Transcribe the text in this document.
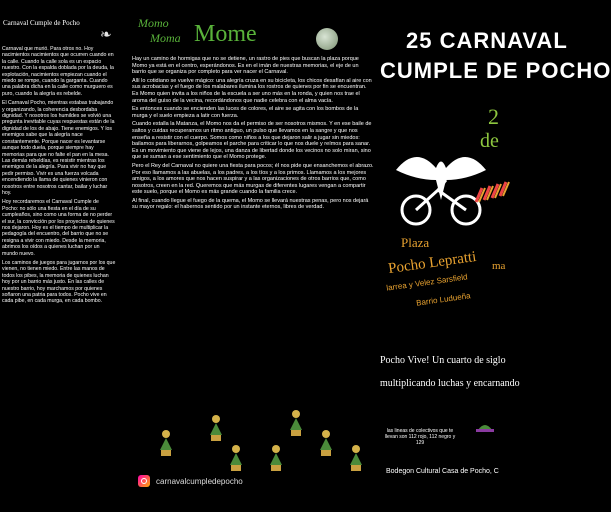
Carnaval Cumple de Pocho
❧

Carnaval que murió. Para otros no. Hoy nacimientos nacimientos que ocurren cuando en la calle. Cuando la calle sola es un espacio nuestro. Con la espalda doblada por la deuda, la explotación, nacimientos empiezan cuando el miedo se rompe, cuando la garganta. Cuando una palabra dicha en la calle como murguero es puro, cuando la alegría es rebelde.

El Carnaval Pocho, mientras estabas trabajando y organizando, la coherencia desbordaba dignidad. Y nosotros los humildes se volvió una pregunta inevitable cuyas respuestas están de la dignidad de los de abajo. Tiene enemigos. Y los enemigos sabe que la alegría nace constantemente. Porque nacer es levantarse aunque todo duela, porque siempre hay memorias para que no falte el pan en la mesa. Las demás rebeldías, es resistir mientras los enemigos de la alegría. Para vivir no hay que pedir permiso. Vivir es una fuerza volcada encendiendo la llama de quienes vinieron con nosotros entre nosotros cantar, bailar y luchar hoy.

Hoy recordaremos el Carnaval Cumple de Pocho: no sólo una fiesta en el día de su cumpleaños, sino como una forma de no perder el sur, la convicción por los proyectos de quienes nos dejaron. Hoy es el tiempo de multiplicar la pedagogía del encuentro, del barrio que no se resigna a vivir con miedo. Desde la memoria, abrimos los oídos a quienes luchan por un mundo nuevo.

Los caminos de juegos para jugarnos por los que vienen, no tienen miedo. Entre las manos de todos los pibes, la memoria de quienes luchan hoy por un barrio más justo. En las calles de nuestro barrio, hoy marchamos por quienes soñaron una patria para todos. Pocho vive en cada pibe, en cada murga, en cada bombo.

Momo
Moma Mome

Hay un camino de hormigas que no se detiene, un rastro de pies que buscan la plaza porque Momo ya está en el centro, esperándonos. Es en el imán de nuestras memorias, el eje de un barrio que se organiza por completo para ver nacer el Carnaval.

Allí lo cotidiano se vuelve mágico: una alegría cruza en su bicicleta, los chicos desafían al aire con sus acrobacias y el fuego de los malabares ilumina los rostros de quienes por fin se encuentran. Es Momo quien invita a los niños de la escuela a ser uno más en la ronda, y quien nos trae el aroma del guiso de la vecina, recordándonos que nadie celebra con el alma vacía.

Es entonces cuando se encienden las luces de colores, el aire se agita con los bombos de la murga y el suelo empieza a latir con fuerza.

Cuando estalla la Matanza, el Momo nos da el permiso de ser nosotros mismos. Y en ese baile de saltos y cuidas recuperamos un ritmo antiguo, un pulso que llevamos en la sangre y que nos enseña a resistir con el cuerpo. Somos como niños a los que dejaron salir a jugar sin miedos: bailamos para liberarnos, golpeamos el parche para criticar lo que nos duele y reímos para sanar. Es un movimiento que viene de lejos, una danza de libertad donde los vecinos no solo miran, sino que se suman a ese sentimiento que el Momo protege.

Pero el Rey del Carnaval no quiere una fiesta para pocos; él nos pide que ensanchemos el abrazo. Por eso llamamos a las abuelas, a los padres, a los tíos y a los primos. Llamamos a los mejores amigos, a los amores que nos hacen suspirar y a las organizaciones de otros barrios que, como nosotros, creen en la red. Queremos que más murgas de diferentes lugares vengan a compartir este suelo, porque el Momo es más grande cuando la familia crece.

Al final, cuando llegue el fuego de la quema, el Momo se llevará nuestras penas, pero nos dejará su mayor regalo: el habernos sentido por un instante eternos, libres de verdad.

carnavalcumpledepocho
25 CARNAVAL
CUMPLE DE POCHO
2
de
Plaza
Pocho Lepratti
larrea y Velez Sarsfield
Barrio Ludueña
ma
Pocho Vive! Un cuarto de siglo
multiplicando luchas y encarnando
las lineas de colectivos que te llevan son 112 rojo, 112 negro y 129
Bodegon Cultural Casa de Pocho, C
